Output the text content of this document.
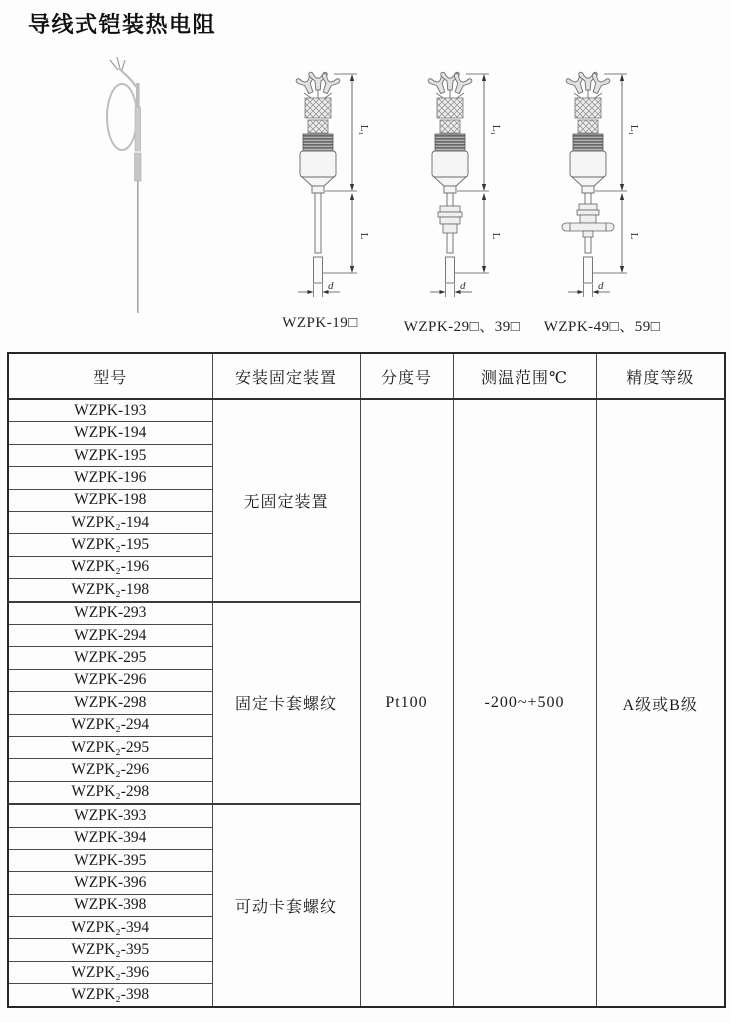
导线式铠装热电阻
L₁
L
d
L₁
L
d
L₁
L
d
WZPK-19□	WZPK-29□、39□ WZPK-49□、59□
型号	安装固定装置	分度号	测温范围℃	精度等级
WZPK-193	无固定装置	Pt100	-200~+500	A级或B级
WZPK-194				
WZPK-195				
WZPK-196				
WZPK-198				
WZPK₂-194				
WZPK₂-195				
WZPK₂-196				
WZPK₂-198				
WZPK-293	固定卡套螺纹			
WZPK-294				
WZPK-295				
WZPK-296				
WZPK-298				
WZPK₂-294				
WZPK₂-295				
WZPK₂-296				
WZPK₂-298				
WZPK-393	可动卡套螺纹			
WZPK-394				
WZPK-395				
WZPK-396				
WZPK-398				
WZPK₂-394				
WZPK₂-395				
WZPK₂-396				
WZPK₂-398				
